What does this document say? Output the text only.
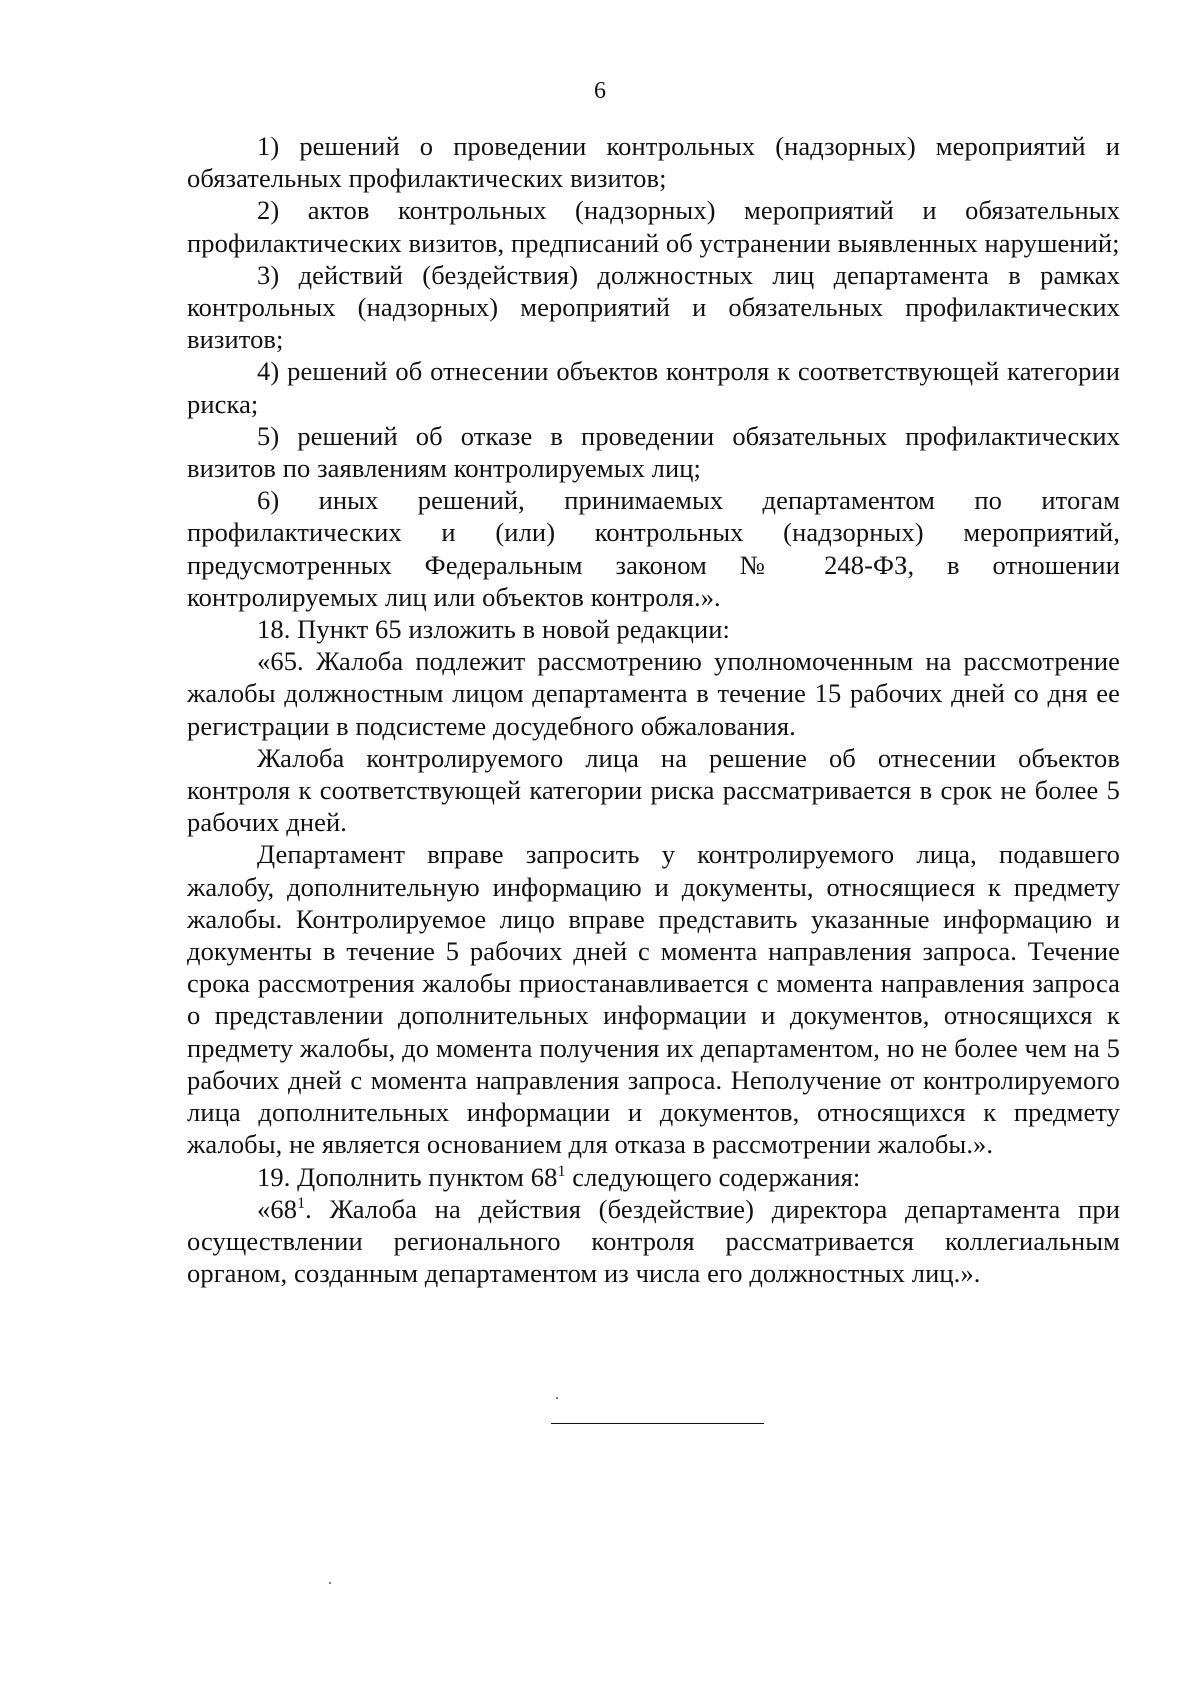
6

1) решений о проведении контрольных (надзорных) мероприятий и обязательных профилактических визитов;

2) актов контрольных (надзорных) мероприятий и обязательных профилактических визитов, предписаний об устранении выявленных нарушений;

3) действий (бездействия) должностных лиц департамента в рамках контрольных (надзорных) мероприятий и обязательных профилактических визитов;

4) решений об отнесении объектов контроля к соответствующей категории риска;

5) решений об отказе в проведении обязательных профилактических визитов по заявлениям контролируемых лиц;

6) иных решений, принимаемых департаментом по итогам профилактических и (или) контрольных (надзорных) мероприятий, предусмотренных Федеральным законом № 248-ФЗ, в отношении контролируемых лиц или объектов контроля.».

18. Пункт 65 изложить в новой редакции:

«65. Жалоба подлежит рассмотрению уполномоченным на рассмотрение жалобы должностным лицом департамента в течение 15 рабочих дней со дня ее регистрации в подсистеме досудебного обжалования.

Жалоба контролируемого лица на решение об отнесении объектов контроля к соответствующей категории риска рассматривается в срок не более 5 рабочих дней.

Департамент вправе запросить у контролируемого лица, подавшего жалобу, дополнительную информацию и документы, относящиеся к предмету жалобы. Контролируемое лицо вправе представить указанные информацию и документы в течение 5 рабочих дней с момента направления запроса. Течение срока рассмотрения жалобы приостанавливается с момента направления запроса о представлении дополнительных информации и документов, относящихся к предмету жалобы, до момента получения их департаментом, но не более чем на 5 рабочих дней с момента направления запроса. Неполучение от контролируемого лица дополнительных информации и документов, относящихся к предмету жалобы, не является основанием для отказа в рассмотрении жалобы.».

19. Дополнить пунктом $68^1$ следующего содержания:

«$68^1$. Жалоба на действия (бездействие) директора департамента при осуществлении регионального контроля рассматривается коллегиальным органом, созданным департаментом из числа его должностных лиц.».
